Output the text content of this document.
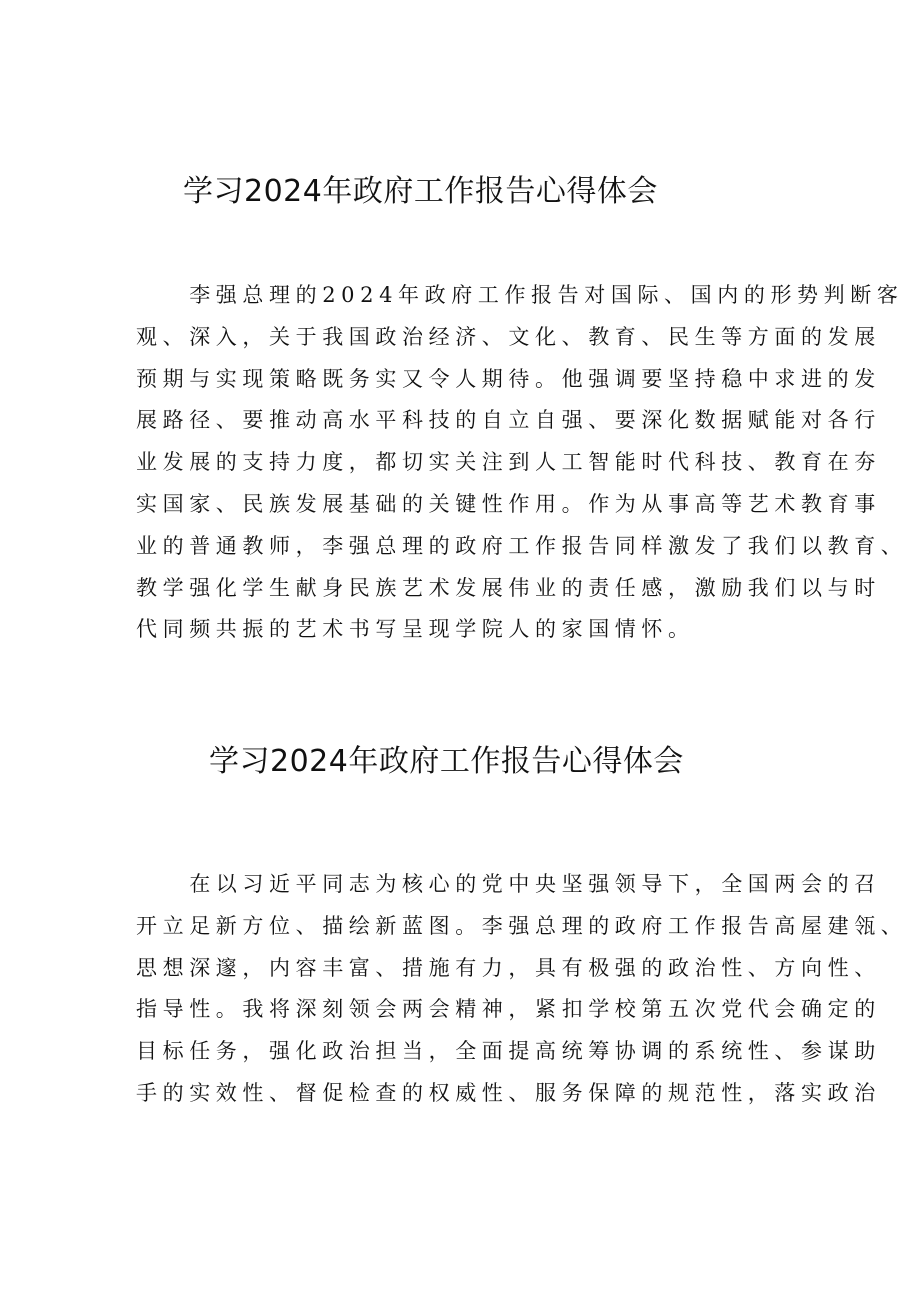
学习2024年政府工作报告心得体会
　　李强总理的2024年政府工作报告对国际、国内的形势判断客
观、深入，关于我国政治经济、文化、教育、民生等方面的发展
预期与实现策略既务实又令人期待。他强调要坚持稳中求进的发
展路径、要推动高水平科技的自立自强、要深化数据赋能对各行
业发展的支持力度，都切实关注到人工智能时代科技、教育在夯
实国家、民族发展基础的关键性作用。作为从事高等艺术教育事
业的普通教师，李强总理的政府工作报告同样激发了我们以教育、
教学强化学生献身民族艺术发展伟业的责任感，激励我们以与时
代同频共振的艺术书写呈现学院人的家国情怀。
学习2024年政府工作报告心得体会
　　在以习近平同志为核心的党中央坚强领导下，全国两会的召
开立足新方位、描绘新蓝图。李强总理的政府工作报告高屋建瓴、
思想深邃，内容丰富、措施有力，具有极强的政治性、方向性、
指导性。我将深刻领会两会精神，紧扣学校第五次党代会确定的
目标任务，强化政治担当，全面提高统筹协调的系统性、参谋助
手的实效性、督促检查的权威性、服务保障的规范性，落实政治
